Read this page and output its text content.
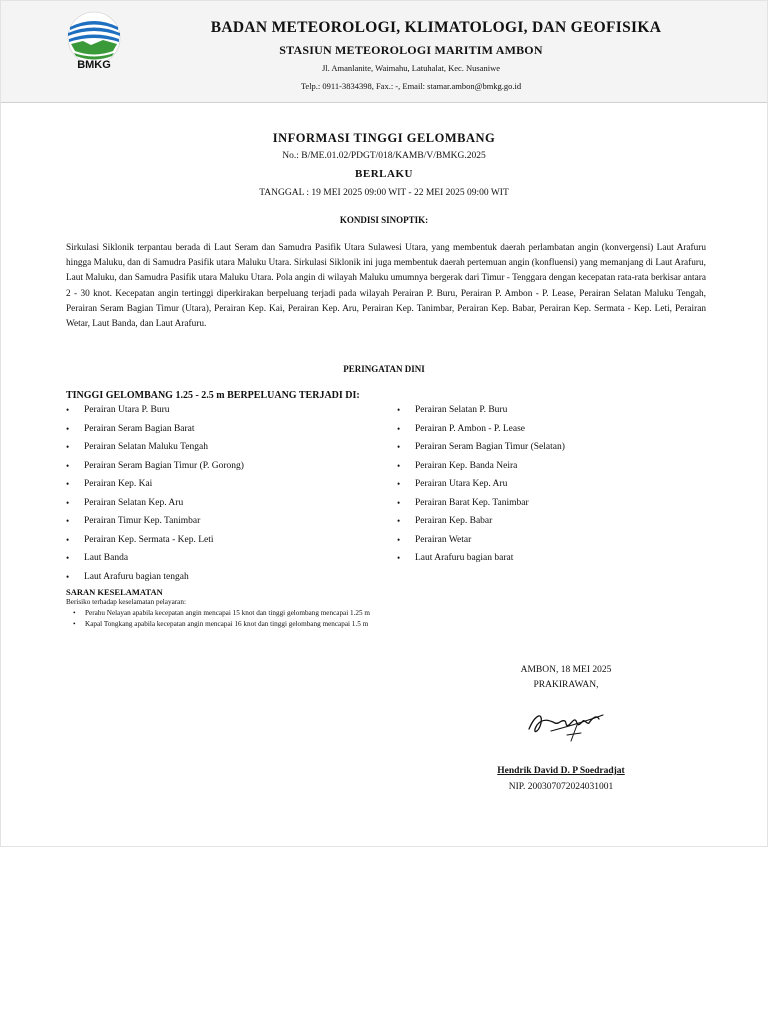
BMKG
BADAN METEOROLOGI, KLIMATOLOGI, DAN GEOFISIKA
STASIUN METEOROLOGI MARITIM AMBON
Jl. Amanlanite, Waimahu, Latuhalat, Kec. Nusaniwe
Telp.: 0911-3834398, Fax.: -, Email: stamar.ambon@bmkg.go.id
INFORMASI TINGGI GELOMBANG
No.: B/ME.01.02/PDGT/018/KAMB/V/BMKG.2025
BERLAKU
TANGGAL : 19 MEI 2025 09:00 WIT - 22 MEI 2025 09:00 WIT
KONDISI SINOPTIK:

Sirkulasi Siklonik terpantau berada di Laut Seram dan Samudra Pasifik Utara Sulawesi Utara, yang membentuk daerah perlambatan angin (konvergensi) Laut Arafuru hingga Maluku, dan di Samudra Pasifik utara Maluku Utara. Sirkulasi Siklonik ini juga membentuk daerah pertemuan angin (konfluensi) yang memanjang di Laut Arafuru, Laut Maluku, dan Samudra Pasifik utara Maluku Utara. Pola angin di wilayah Maluku umumnya bergerak dari Timur - Tenggara dengan kecepatan rata-rata berkisar antara 2 - 30 knot. Kecepatan angin tertinggi diperkirakan berpeluang terjadi pada wilayah Perairan P. Buru, Perairan P. Ambon - P. Lease, Perairan Selatan Maluku Tengah, Perairan Seram Bagian Timur (Utara), Perairan Kep. Kai, Perairan Kep. Aru, Perairan Kep. Tanimbar, Perairan Kep. Babar, Perairan Kep. Sermata - Kep. Leti, Perairan Wetar, Laut Banda, dan Laut Arafuru.

PERINGATAN DINI
TINGGI GELOMBANG 1.25 - 2.5 m BERPELUANG TERJADI DI:
• Perairan Utara P. Buru
• Perairan Seram Bagian Barat
• Perairan Selatan Maluku Tengah
• Perairan Seram Bagian Timur (P. Gorong)
• Perairan Kep. Kai
• Perairan Selatan Kep. Aru
• Perairan Timur Kep. Tanimbar
• Perairan Kep. Sermata - Kep. Leti
• Laut Banda
• Laut Arafuru bagian tengah
• Perairan Selatan P. Buru
• Perairan P. Ambon - P. Lease
• Perairan Seram Bagian Timur (Selatan)
• Perairan Kep. Banda Neira
• Perairan Utara Kep. Aru
• Perairan Barat Kep. Tanimbar
• Perairan Kep. Babar
• Perairan Wetar
• Laut Arafuru bagian barat
SARAN KESELAMATAN
Berisiko terhadap keselamatan pelayaran:
• Perahu Nelayan apabila kecepatan angin mencapai 15 knot dan tinggi gelombang mencapai 1.25 m
• Kapal Tongkang apabila kecepatan angin mencapai 16 knot dan tinggi gelombang mencapai 1.5 m
AMBON, 18 MEI 2025
PRAKIRAWAN,
Hendrik David D. P Soedradjat
NIP. 200307072024031001
